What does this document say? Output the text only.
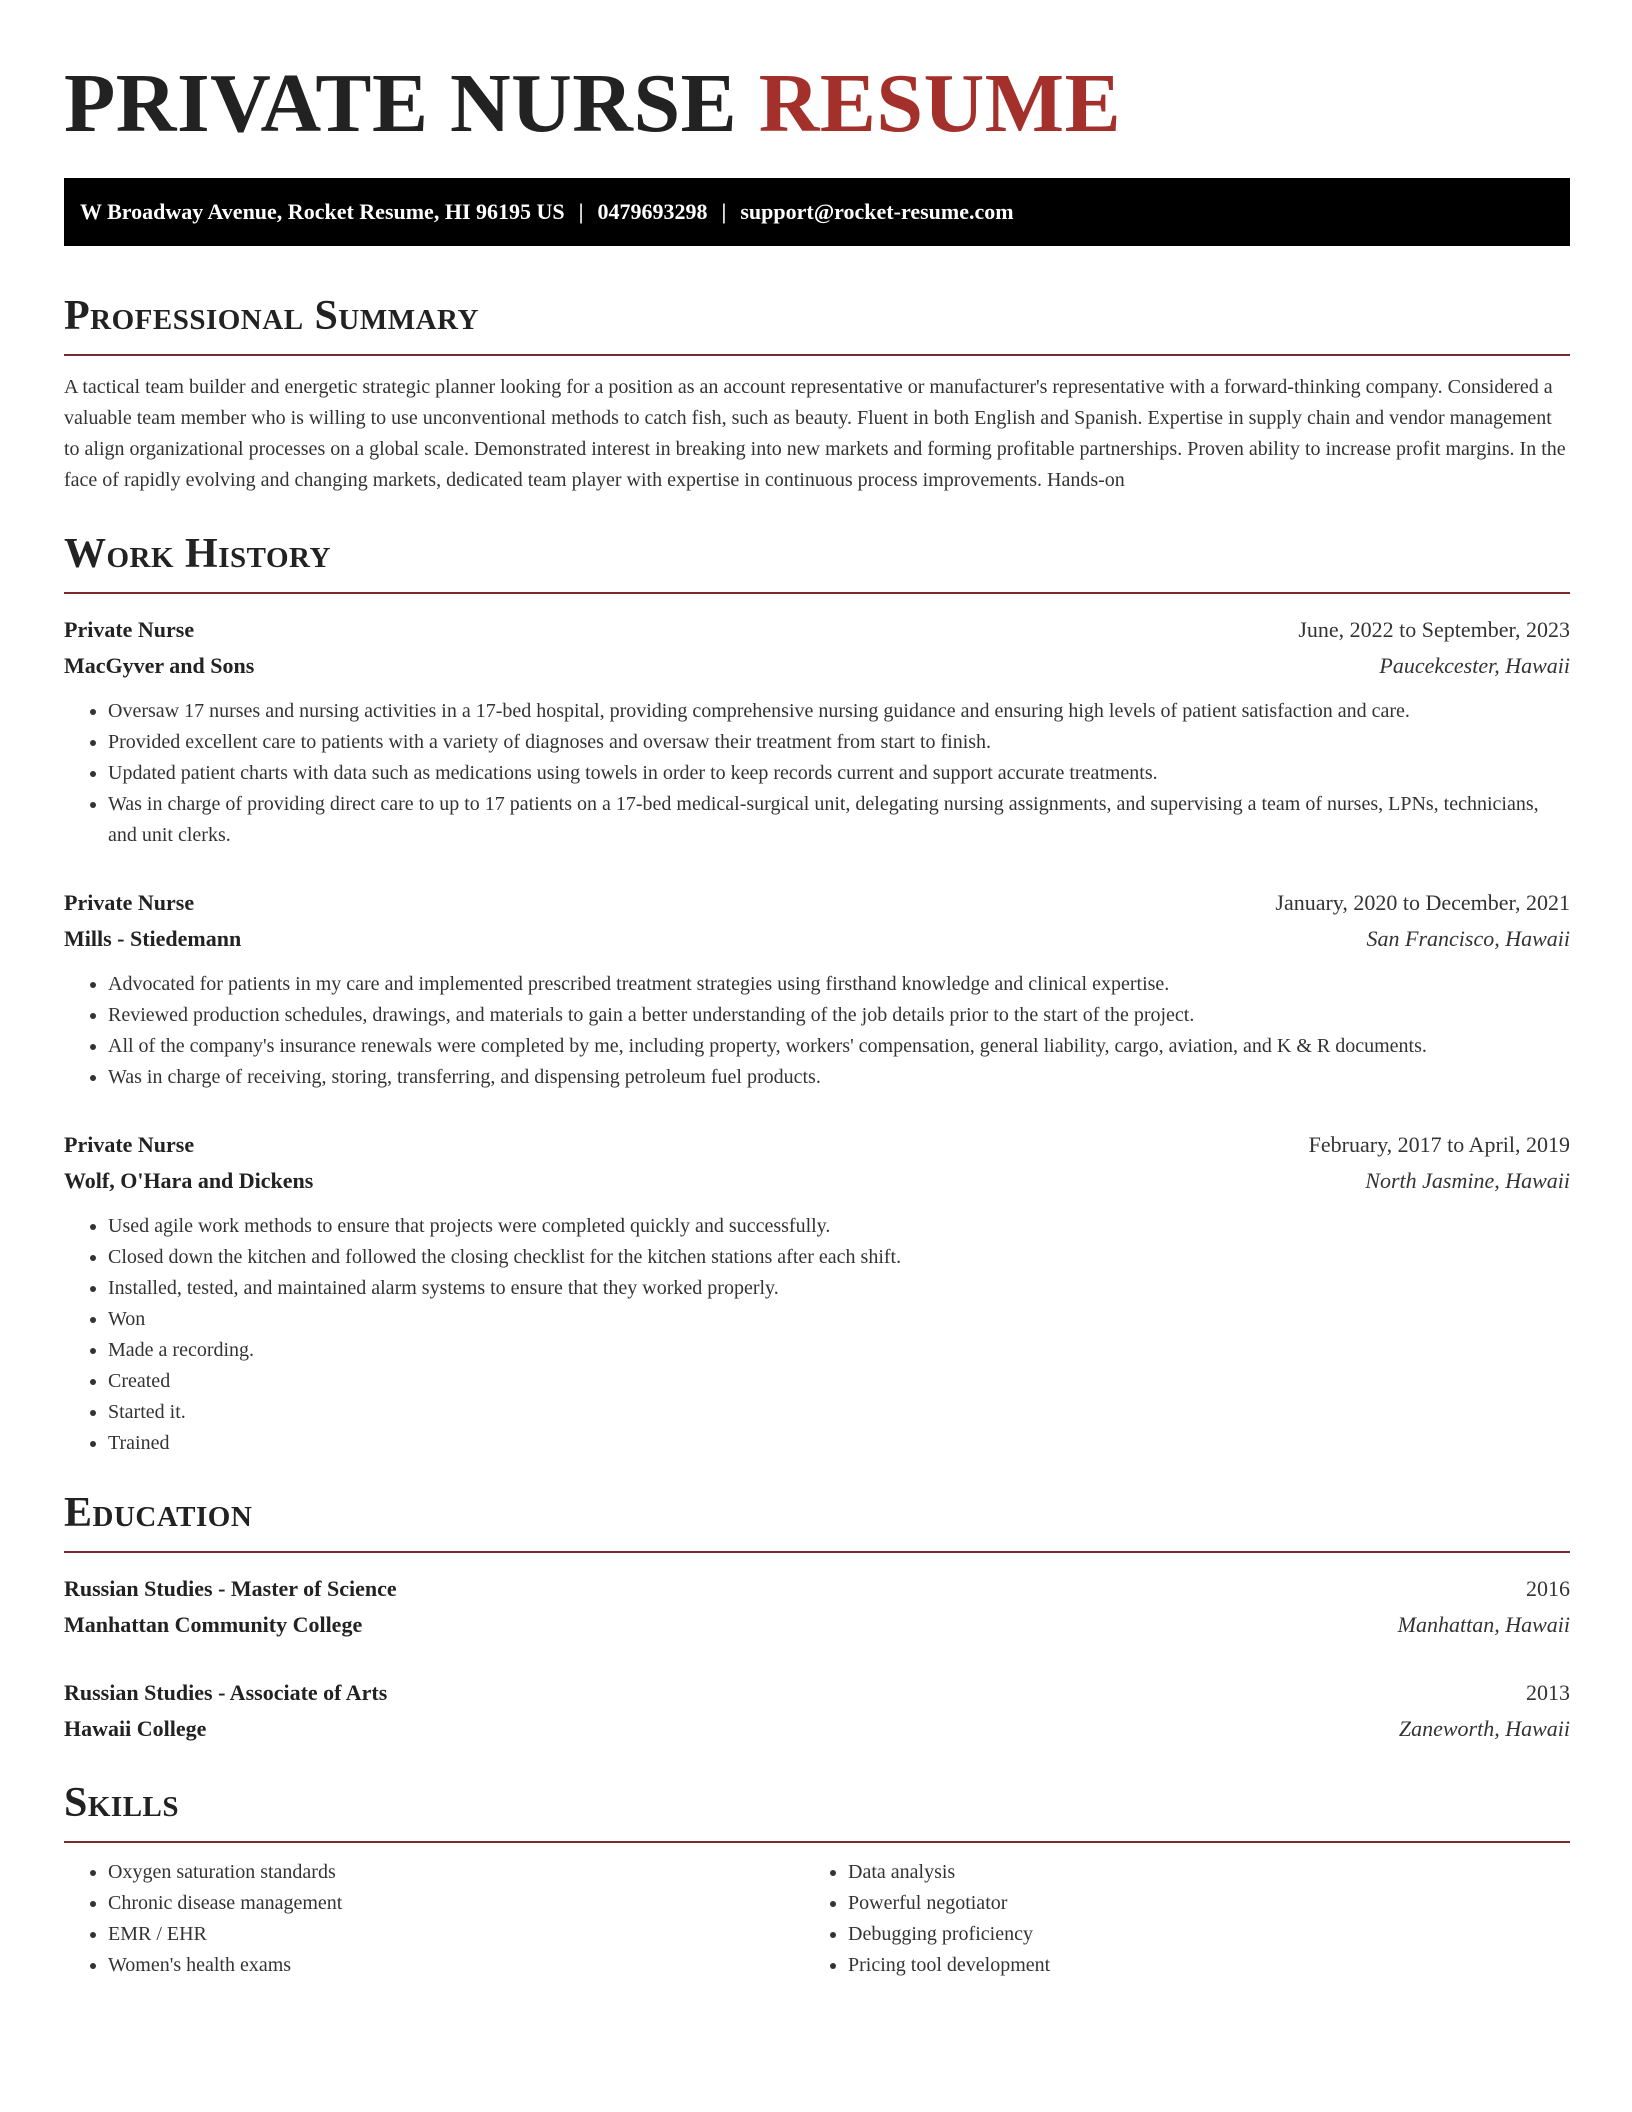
PRIVATE NURSE RESUME
W Broadway Avenue, Rocket Resume, HI 96195 US | 0479693298 | support@rocket-resume.com
Professional Summary

A tactical team builder and energetic strategic planner looking for a position as an account representative or manufacturer's representative with a forward-thinking company. Considered a valuable team member who is willing to use unconventional methods to catch fish, such as beauty. Fluent in both English and Spanish. Expertise in supply chain and vendor management to align organizational processes on a global scale. Demonstrated interest in breaking into new markets and forming profitable partnerships. Proven ability to increase profit margins. In the face of rapidly evolving and changing markets, dedicated team player with expertise in continuous process improvements. Hands-on

Work History
Private Nurse	June, 2022 to September, 2023
MacGyver and Sons	Paucekcester, Hawaii
• Oversaw 17 nurses and nursing activities in a 17-bed hospital, providing comprehensive nursing guidance and ensuring high levels of patient satisfaction and care.
• Provided excellent care to patients with a variety of diagnoses and oversaw their treatment from start to finish.
• Updated patient charts with data such as medications using towels in order to keep records current and support accurate treatments.
• Was in charge of providing direct care to up to 17 patients on a 17-bed medical-surgical unit, delegating nursing assignments, and supervising a team of nurses, LPNs, technicians, and unit clerks.
Private Nurse	January, 2020 to December, 2021
Mills - Stiedemann	San Francisco, Hawaii
• Advocated for patients in my care and implemented prescribed treatment strategies using firsthand knowledge and clinical expertise.
• Reviewed production schedules, drawings, and materials to gain a better understanding of the job details prior to the start of the project.
• All of the company's insurance renewals were completed by me, including property, workers' compensation, general liability, cargo, aviation, and K & R documents.
• Was in charge of receiving, storing, transferring, and dispensing petroleum fuel products.
Private Nurse	February, 2017 to April, 2019
Wolf, O'Hara and Dickens	North Jasmine, Hawaii
• Used agile work methods to ensure that projects were completed quickly and successfully.
• Closed down the kitchen and followed the closing checklist for the kitchen stations after each shift.
• Installed, tested, and maintained alarm systems to ensure that they worked properly.
• Won
• Made a recording.
• Created
• Started it.
• Trained
Education
Russian Studies - Master of Science	2016
Manhattan Community College	Manhattan, Hawaii
Russian Studies - Associate of Arts	2013
Hawaii College	Zaneworth, Hawaii
Skills
• Oxygen saturation standards
• Chronic disease management
• EMR / EHR
• Women's health exams
• Data analysis
• Powerful negotiator
• Debugging proficiency
• Pricing tool development
